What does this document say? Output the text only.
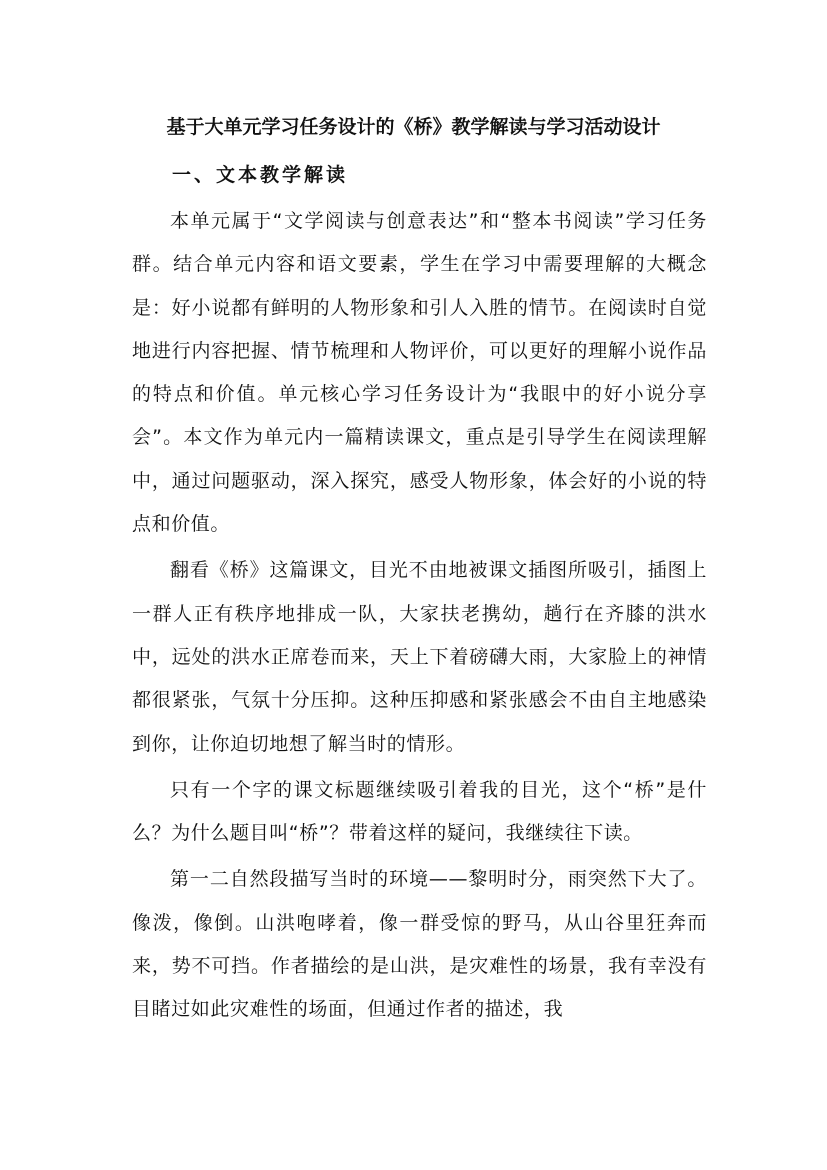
基于大单元学习任务设计的《桥》教学解读与学习活动设计
一、文本教学解读

本单元属于“文学阅读与创意表达”和“整本书阅读”学习任务群。结合单元内容和语文要素，学生在学习中需要理解的大概念是：好小说都有鲜明的人物形象和引人入胜的情节。在阅读时自觉地进行内容把握、情节梳理和人物评价，可以更好的理解小说作品的特点和价值。单元核心学习任务设计为“我眼中的好小说分享会”。本文作为单元内一篇精读课文，重点是引导学生在阅读理解中，通过问题驱动，深入探究，感受人物形象，体会好的小说的特点和价值。

翻看《桥》这篇课文，目光不由地被课文插图所吸引，插图上一群人正有秩序地排成一队，大家扶老携幼，趟行在齐膝的洪水中，远处的洪水正席卷而来，天上下着磅礴大雨，大家脸上的神情都很紧张，气氛十分压抑。这种压抑感和紧张感会不由自主地感染到你，让你迫切地想了解当时的情形。

只有一个字的课文标题继续吸引着我的目光，这个“桥”是什么？为什么题目叫“桥”？带着这样的疑问，我继续往下读。

第一二自然段描写当时的环境——黎明时分，雨突然下大了。像泼，像倒。山洪咆哮着，像一群受惊的野马，从山谷里狂奔而来，势不可挡。作者描绘的是山洪，是灾难性的场景，我有幸没有目睹过如此灾难性的场面，但通过作者的描述，我
